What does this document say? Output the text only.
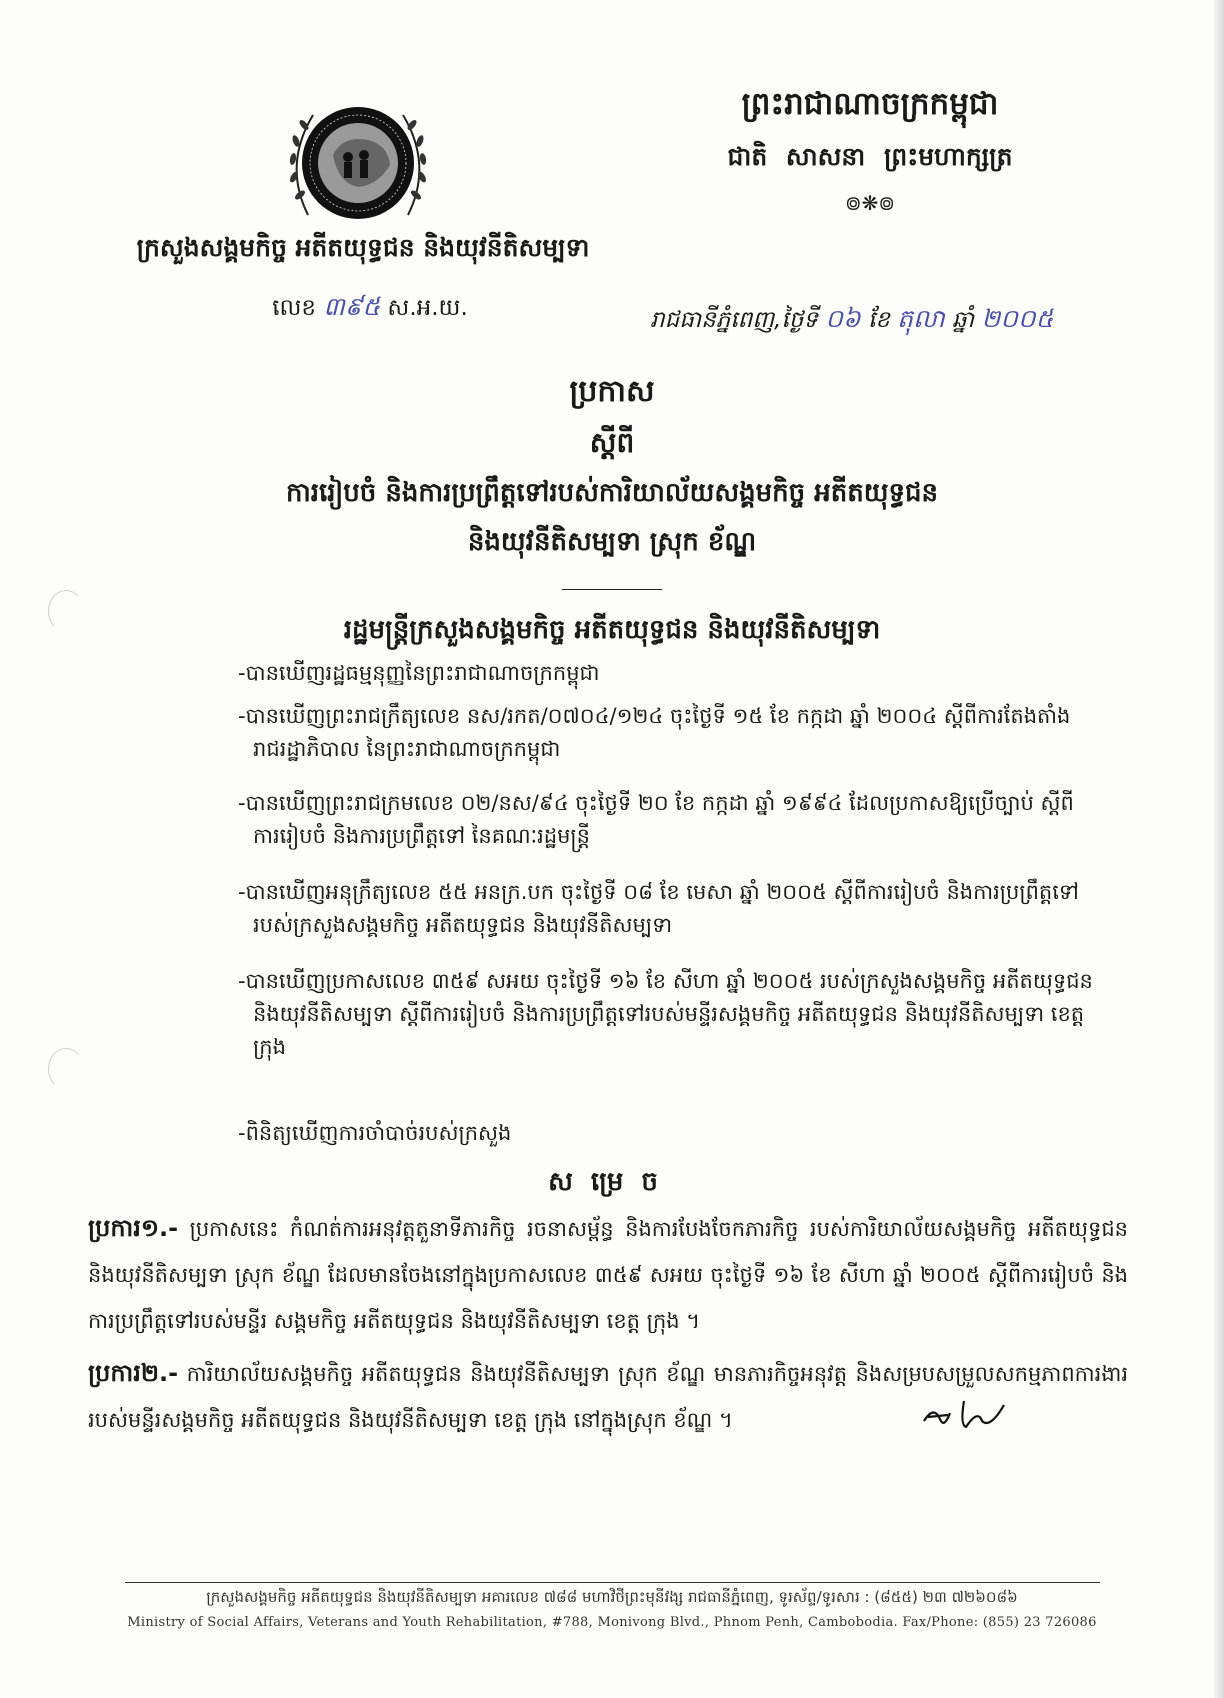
ក្រសួងសង្គមកិច្ច អតីតយុទ្ធជន និងយុវនីតិសម្បទា
លេខ ៣៩៥ ស.អ.យ.
ព្រះរាជាណាចក្រកម្ពុជា
ជាតិ សាសនា ព្រះមហាក្សត្រ
៙❋៙
រាជធានីភ្នំពេញ,ថ្ងៃទី ០៦ ខែ តុលា ឆ្នាំ ២០០៥
ប្រកាស
ស្តីពី
ការរៀបចំ និងការប្រព្រឹត្តទៅរបស់ការិយាល័យសង្គមកិច្ច អតីតយុទ្ធជន
និងយុវនីតិសម្បទា ស្រុក ខ័ណ្ឌ
រដ្ឋមន្ត្រីក្រសួងសង្គមកិច្ច អតីតយុទ្ធជន និងយុវនីតិសម្បទា
-បានឃើញរដ្ឋធម្មនុញ្ញនៃព្រះរាជាណាចក្រកម្ពុជា
-បានឃើញព្រះរាជក្រឹត្យលេខ នស/រកត/០៧០៤/១២៤ ចុះថ្ងៃទី ១៥ ខែ កក្កដា ឆ្នាំ ២០០៤ ស្តីពីការតែងតាំង
រាជរដ្ឋាភិបាល នៃព្រះរាជាណាចក្រកម្ពុជា
-បានឃើញព្រះរាជក្រមលេខ ០២/នស/៩៤ ចុះថ្ងៃទី ២០ ខែ កក្កដា ឆ្នាំ ១៩៩៤ ដែលប្រកាសឱ្យប្រើច្បាប់ ស្តីពី
ការរៀបចំ និងការប្រព្រឹត្តទៅ នៃគណៈរដ្ឋមន្ត្រី
-បានឃើញអនុក្រឹត្យលេខ ៥៥ អនក្រ.បក ចុះថ្ងៃទី ០៨ ខែ មេសា ឆ្នាំ ២០០៥ ស្តីពីការរៀបចំ និងការប្រព្រឹត្តទៅ
របស់ក្រសួងសង្គមកិច្ច អតីតយុទ្ធជន និងយុវនីតិសម្បទា
-បានឃើញប្រកាសលេខ ៣៥៩ សអយ ចុះថ្ងៃទី ១៦ ខែ សីហា ឆ្នាំ ២០០៥ របស់ក្រសួងសង្គមកិច្ច អតីតយុទ្ធជន
និងយុវនីតិសម្បទា ស្តីពីការរៀបចំ និងការប្រព្រឹត្តទៅរបស់មន្ទីរសង្គមកិច្ច អតីតយុទ្ធជន និងយុវនីតិសម្បទា ខេត្ត
ក្រុង
-ពិនិត្យឃើញការចាំបាច់របស់ក្រសួង
សម្រេច
ប្រការ១.- ប្រកាសនេះ កំណត់ការអនុវត្តតួនាទីភារកិច្ច រចនាសម្ព័ន្ធ និងការបែងចែកភារកិច្ច របស់ការិយាល័យសង្គមកិច្ច អតីតយុទ្ធជន និងយុវនីតិសម្បទា ស្រុក ខ័ណ្ឌ ដែលមានចែងនៅក្នុងប្រកាសលេខ ៣៥៩ សអយ ចុះថ្ងៃទី ១៦ ខែ សីហា ឆ្នាំ ២០០៥ ស្តីពីការរៀបចំ និងការប្រព្រឹត្តទៅរបស់មន្ទីរ សង្គមកិច្ច អតីតយុទ្ធជន និងយុវនីតិសម្បទា ខេត្ត ក្រុង ។
ប្រការ២.- ការិយាល័យសង្គមកិច្ច អតីតយុទ្ធជន និងយុវនីតិសម្បទា ស្រុក ខ័ណ្ឌ មានភារកិច្ចអនុវត្ត និងសម្របសម្រួលសកម្មភាពការងារ របស់មន្ទីរសង្គមកិច្ច អតីតយុទ្ធជន និងយុវនីតិសម្បទា ខេត្ត ក្រុង នៅក្នុងស្រុក ខ័ណ្ឌ ។
ក្រសួងសង្គមកិច្ច អតីតយុទ្ធជន និងយុវនីតិសម្បទា អគារលេខ ៧៨៨ មហាវិថីព្រះមុនីវង្ស រាជធានីភ្នំពេញ, ទូរស័ព្ទ/ទូរសារ : (៨៥៥) ២៣ ៧២៦០៨៦
Ministry of Social Affairs, Veterans and Youth Rehabilitation, #788, Monivong Blvd., Phnom Penh, Cambobodia. Fax/Phone: (855) 23 726086
